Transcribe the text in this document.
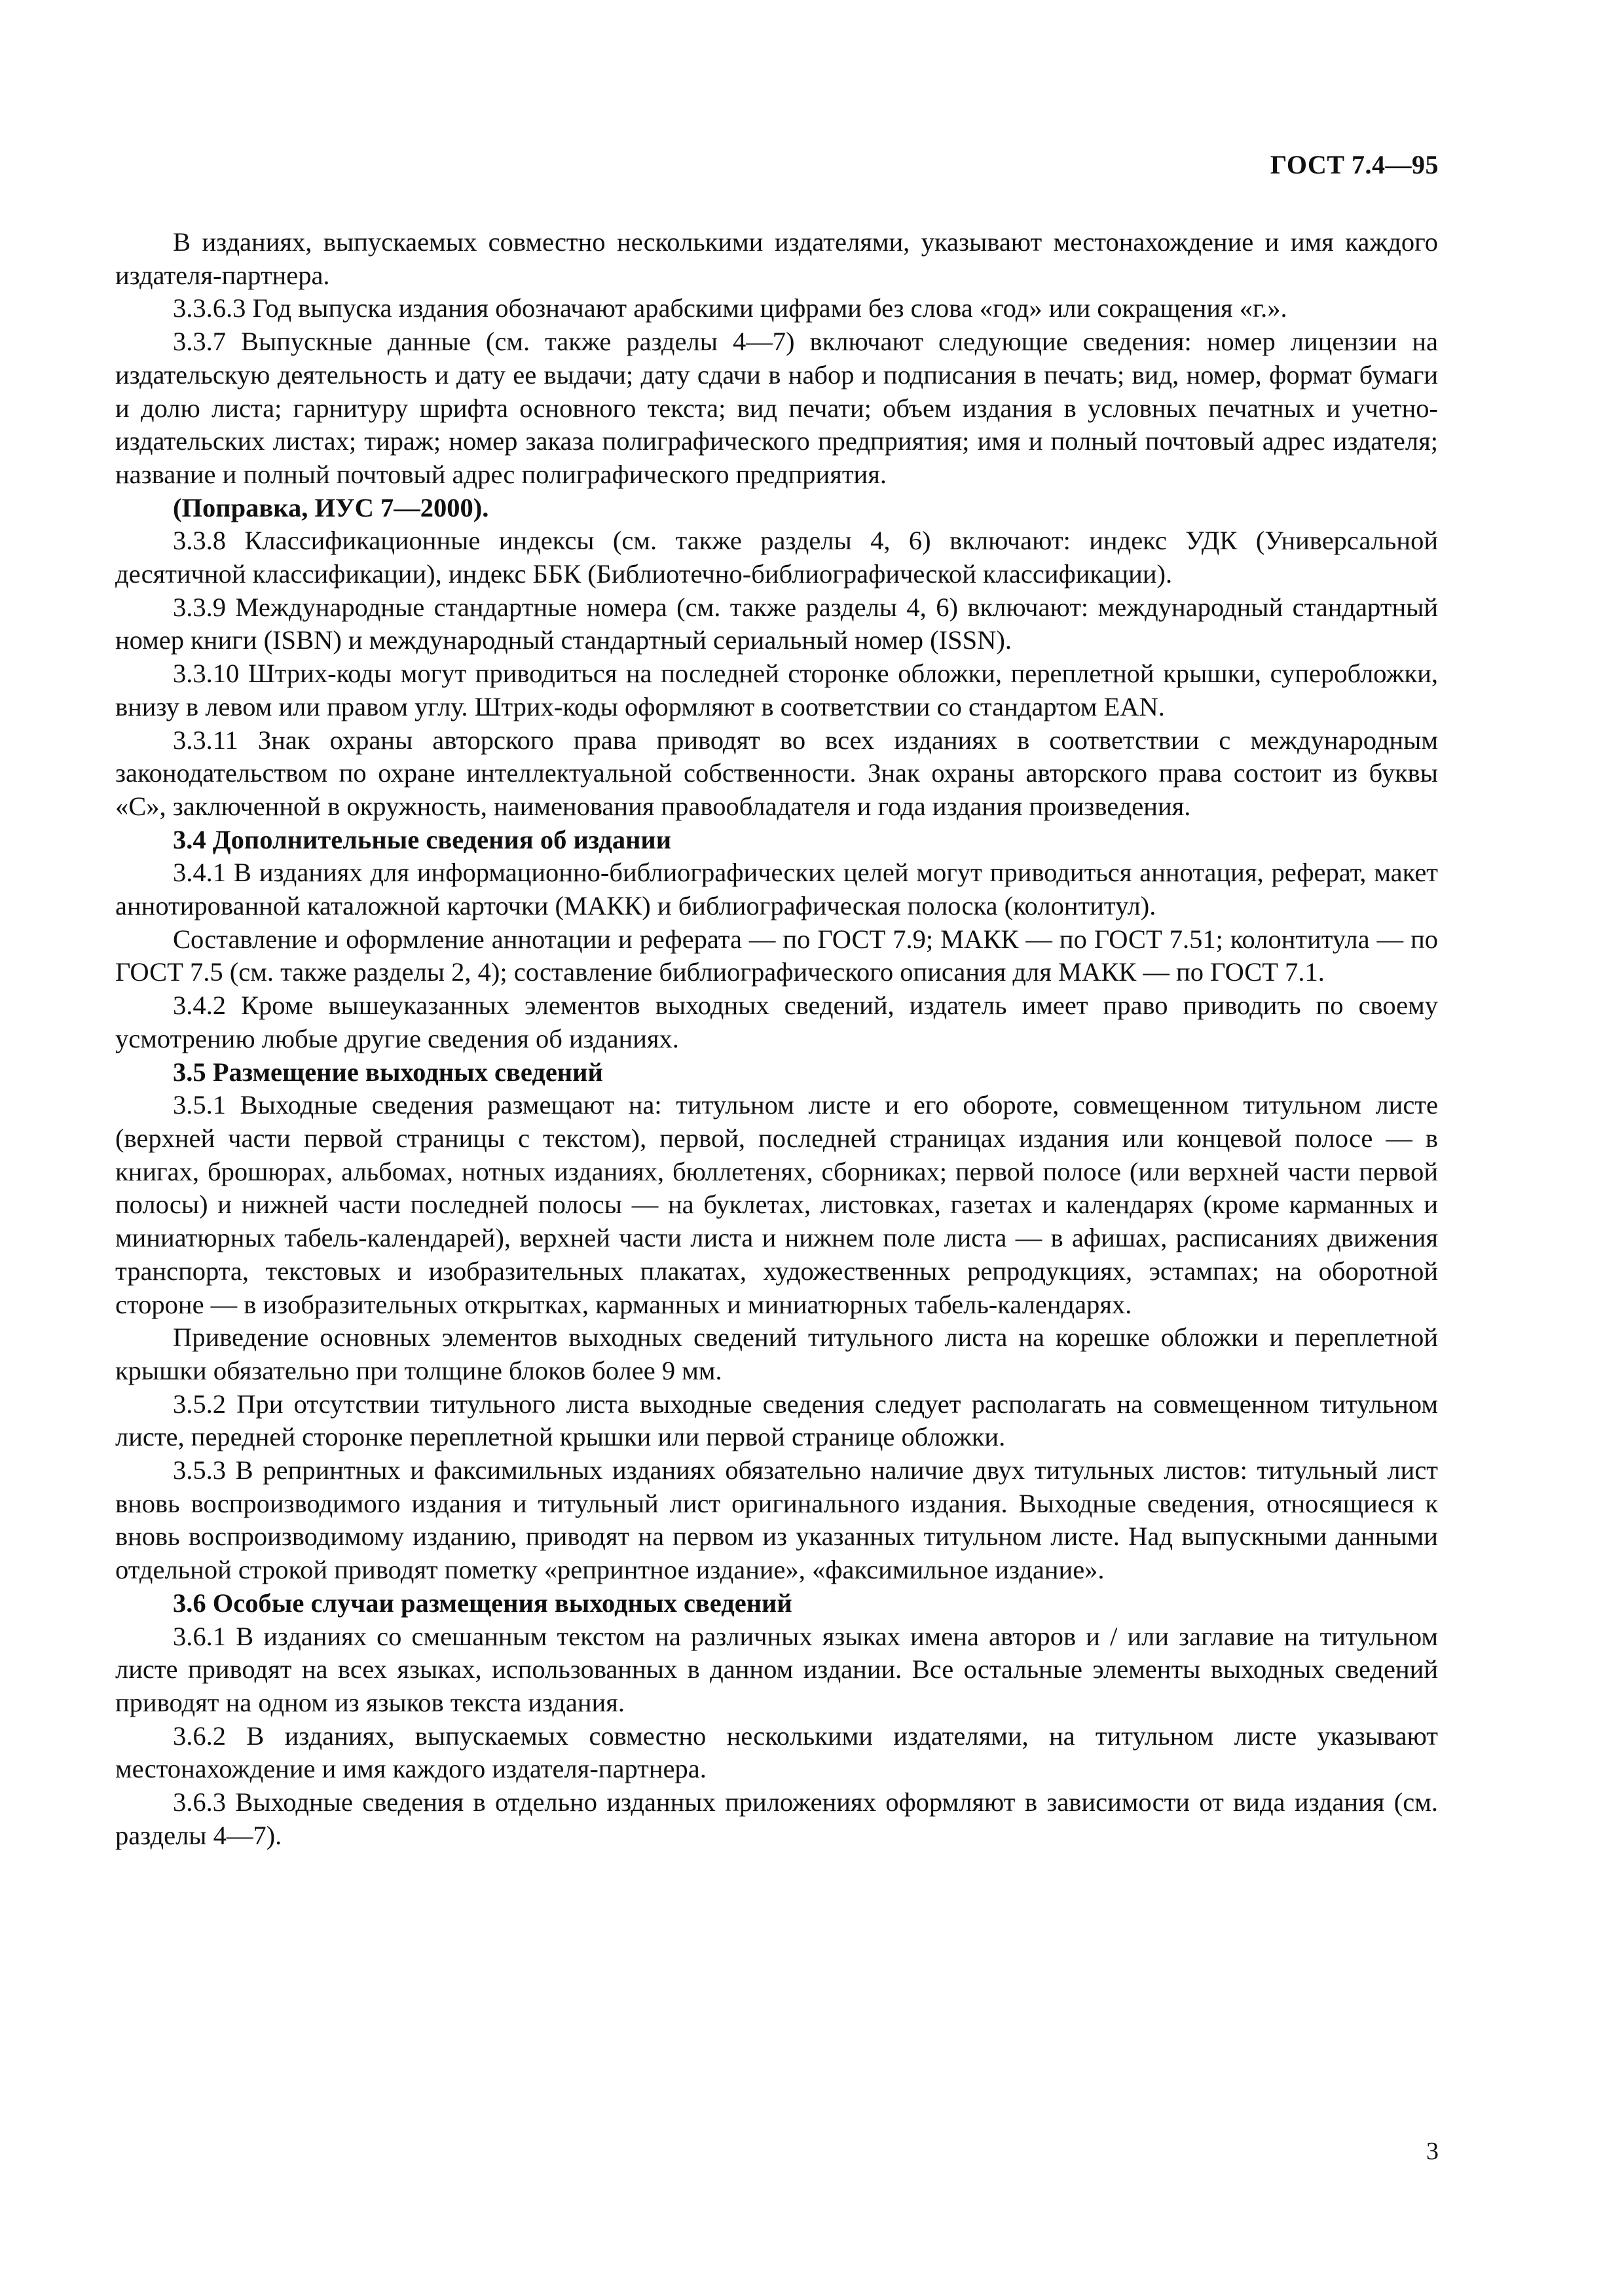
ГОСТ 7.4—95

В изданиях, выпускаемых совместно несколькими издателями, указывают местонахождение и имя каждого издателя-партнера.

3.3.6.3 Год выпуска издания обозначают арабскими цифрами без слова «год» или сокращения «г.».

3.3.7 Выпускные данные (см. также разделы 4—7) включают следующие сведения: номер лицензии на издательскую деятельность и дату ее выдачи; дату сдачи в набор и подписания в печать; вид, номер, формат бумаги и долю листа; гарнитуру шрифта основного текста; вид печати; объем издания в условных печатных и учетно-издательских листах; тираж; номер заказа полиграфического предприятия; имя и полный почтовый адрес издателя; название и полный почтовый адрес полиграфического предприятия.

(Поправка, ИУС 7—2000).

3.3.8 Классификационные индексы (см. также разделы 4, 6) включают: индекс УДК (Универсальной десятичной классификации), индекс ББК (Библиотечно-библиографической классификации).

3.3.9 Международные стандартные номера (см. также разделы 4, 6) включают: международный стандартный номер книги (ISBN) и международный стандартный сериальный номер (ISSN).

3.3.10 Штрих-коды могут приводиться на последней сторонке обложки, переплетной крышки, суперобложки, внизу в левом или правом углу. Штрих-коды оформляют в соответствии со стандартом EAN.

3.3.11 Знак охраны авторского права приводят во всех изданиях в соответствии с международным законодательством по охране интеллектуальной собственности. Знак охраны авторского права состоит из буквы «С», заключенной в окружность, наименования правообладателя и года издания произведения.

3.4 Дополнительные сведения об издании

3.4.1 В изданиях для информационно-библиографических целей могут приводиться аннотация, реферат, макет аннотированной каталожной карточки (МАКК) и библиографическая полоска (колонтитул).

Составление и оформление аннотации и реферата — по ГОСТ 7.9; МАКК — по ГОСТ 7.51; колонтитула — по ГОСТ 7.5 (см. также разделы 2, 4); составление библиографического описания для МАКК — по ГОСТ 7.1.

3.4.2 Кроме вышеуказанных элементов выходных сведений, издатель имеет право приводить по своему усмотрению любые другие сведения об изданиях.

3.5 Размещение выходных сведений

3.5.1 Выходные сведения размещают на: титульном листе и его обороте, совмещенном титульном листе (верхней части первой страницы с текстом), первой, последней страницах издания или концевой полосе — в книгах, брошюрах, альбомах, нотных изданиях, бюллетенях, сборниках; первой полосе (или верхней части первой полосы) и нижней части последней полосы — на буклетах, листовках, газетах и календарях (кроме карманных и миниатюрных табель-календарей), верхней части листа и нижнем поле листа — в афишах, расписаниях движения транспорта, текстовых и изобразительных плакатах, художественных репродукциях, эстампах; на оборотной стороне — в изобразительных открытках, карманных и миниатюрных табель-календарях.

Приведение основных элементов выходных сведений титульного листа на корешке обложки и переплетной крышки обязательно при толщине блоков более 9 мм.

3.5.2 При отсутствии титульного листа выходные сведения следует располагать на совмещенном титульном листе, передней сторонке переплетной крышки или первой странице обложки.

3.5.3 В репринтных и факсимильных изданиях обязательно наличие двух титульных листов: титульный лист вновь воспроизводимого издания и титульный лист оригинального издания. Выходные сведения, относящиеся к вновь воспроизводимому изданию, приводят на первом из указанных титульном листе. Над выпускными данными отдельной строкой приводят пометку «репринтное издание», «факсимильное издание».

3.6 Особые случаи размещения выходных сведений

3.6.1 В изданиях со смешанным текстом на различных языках имена авторов и / или заглавие на титульном листе приводят на всех языках, использованных в данном издании. Все остальные элементы выходных сведений приводят на одном из языков текста издания.

3.6.2 В изданиях, выпускаемых совместно несколькими издателями, на титульном листе указывают местонахождение и имя каждого издателя-партнера.

3.6.3 Выходные сведения в отдельно изданных приложениях оформляют в зависимости от вида издания (см. разделы 4—7).

3
